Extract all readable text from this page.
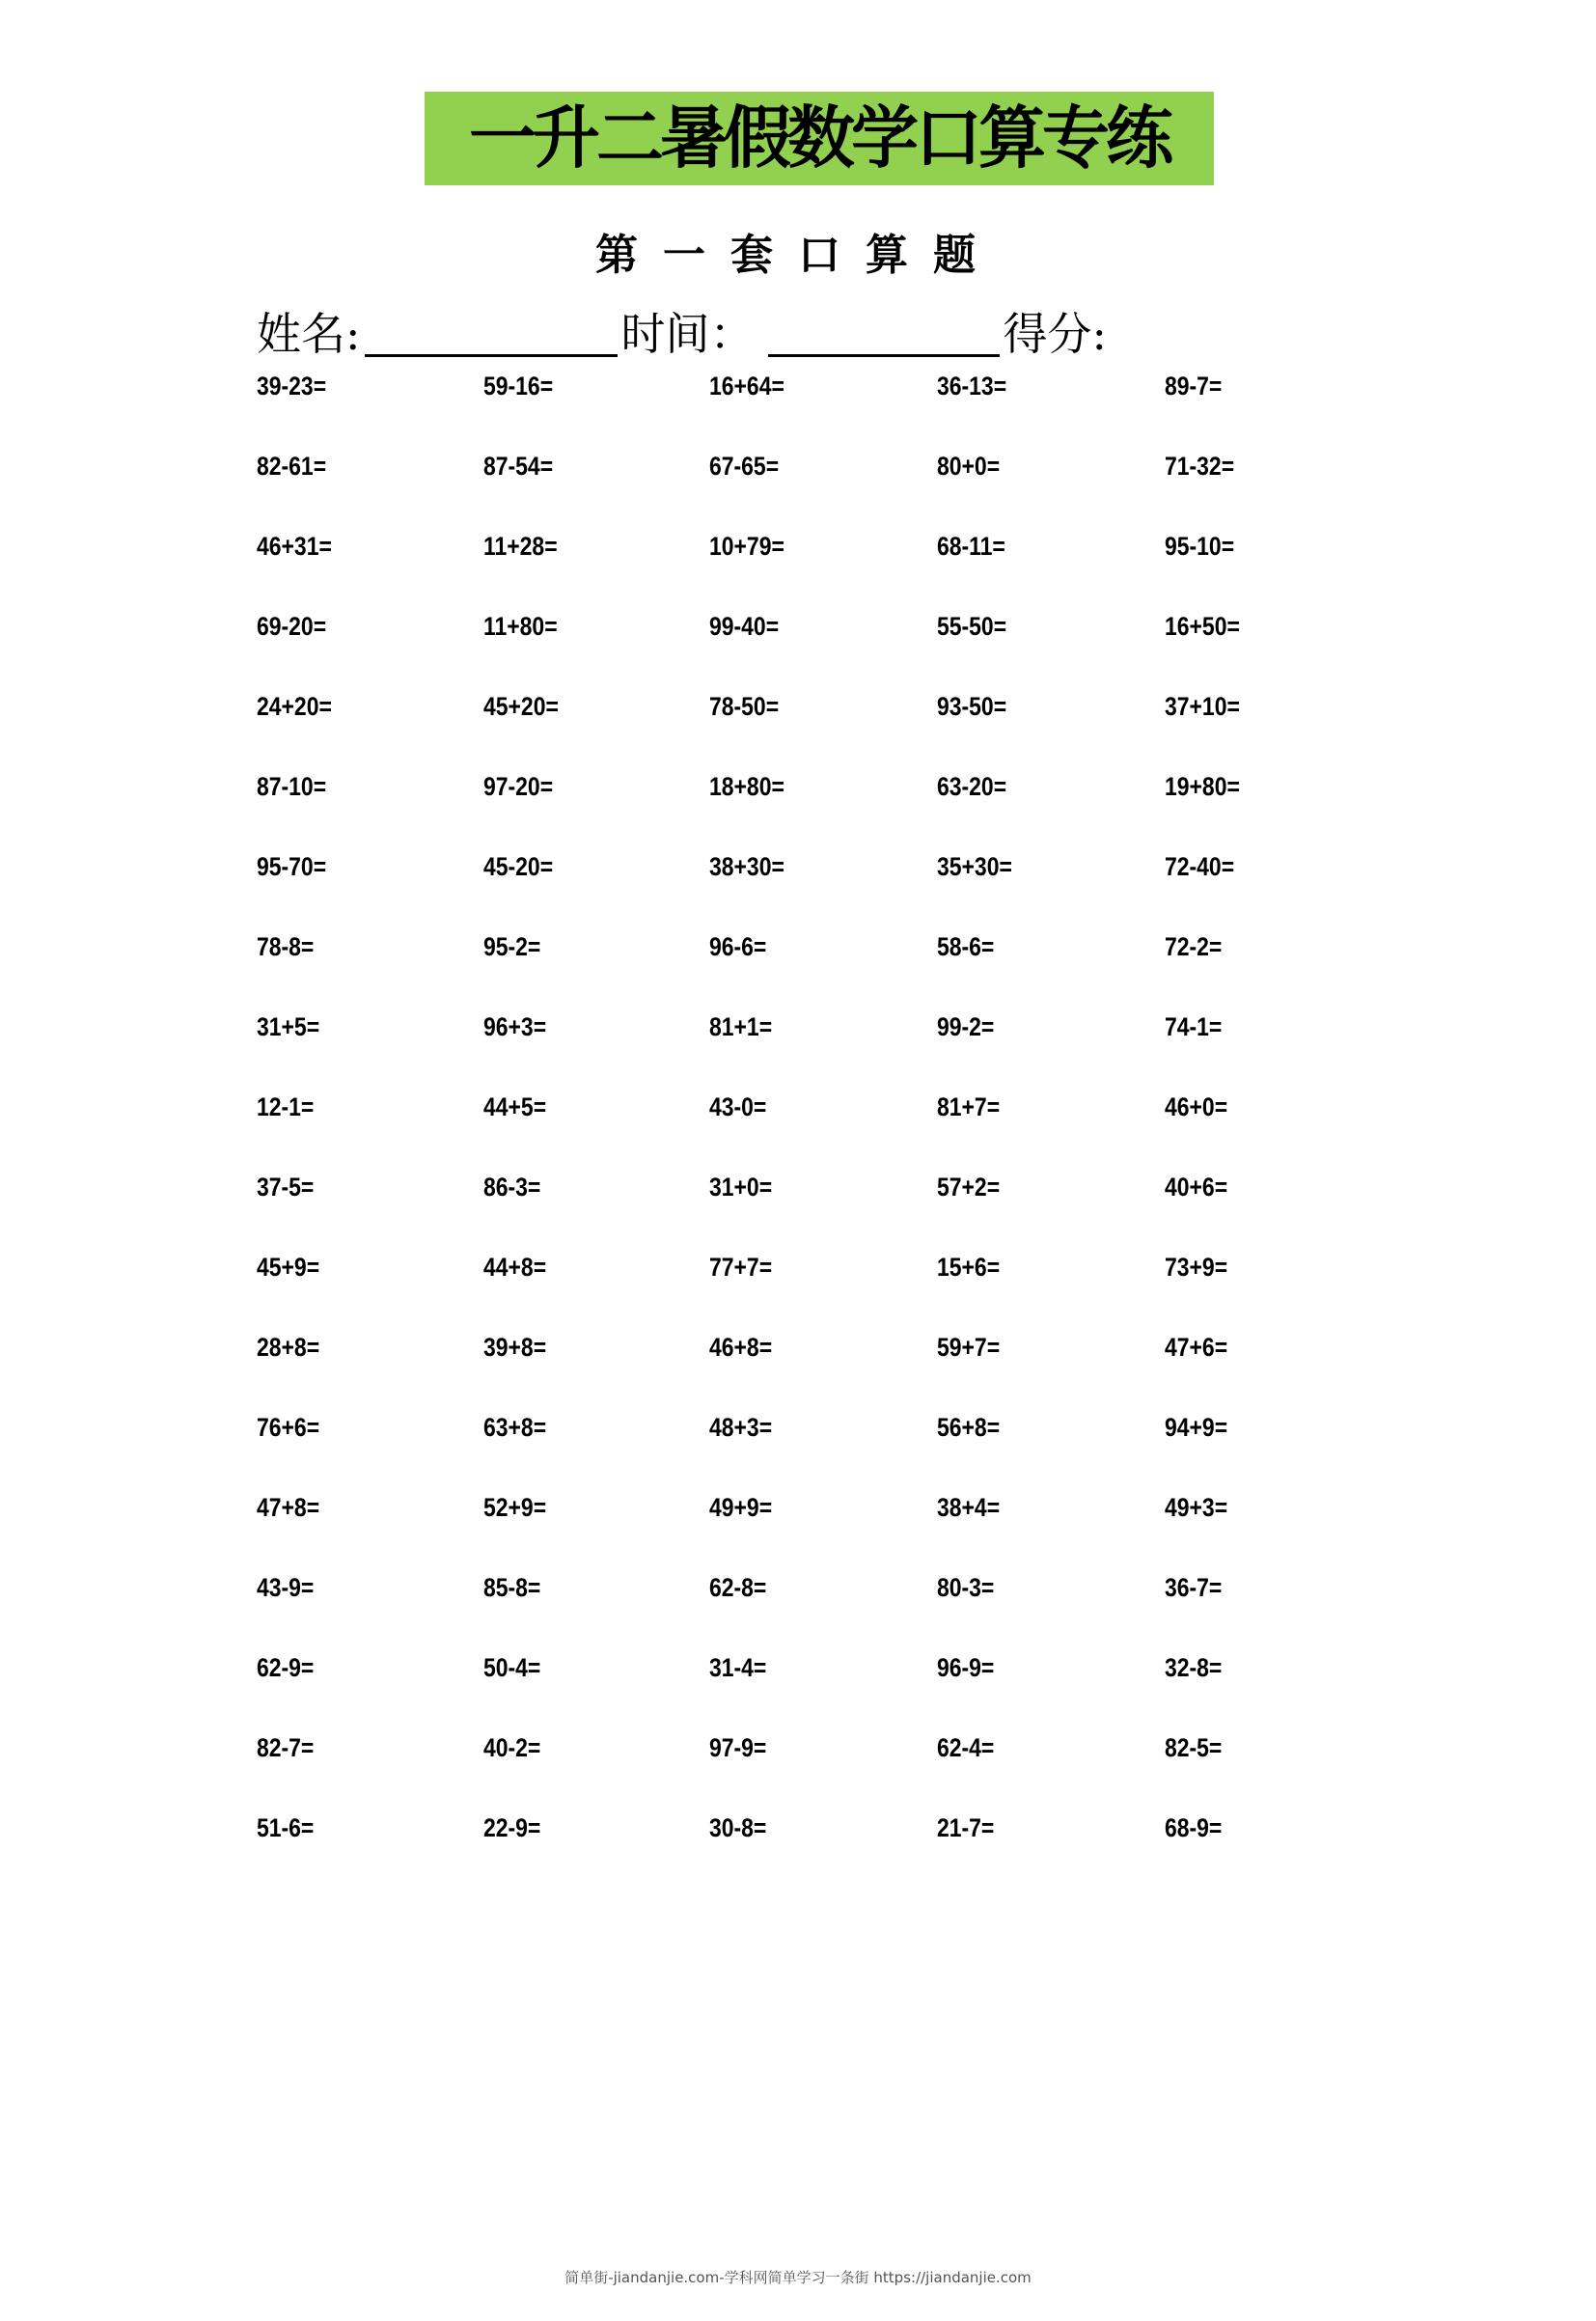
一升二暑假数学口算专练
第一套口算题
姓名:	时间：	得分:
39-23=	59-16=	16+64=	36-13=	89-7=
82-61=	87-54=	67-65=	80+0=	71-32=
46+31=	11+28=	10+79=	68-11=	95-10=
69-20=	11+80=	99-40=	55-50=	16+50=
24+20=	45+20=	78-50=	93-50=	37+10=
87-10=	97-20=	18+80=	63-20=	19+80=
95-70=	45-20=	38+30=	35+30=	72-40=
78-8=	95-2=	96-6=	58-6=	72-2=
31+5=	96+3=	81+1=	99-2=	74-1=
12-1=	44+5=	43-0=	81+7=	46+0=
37-5=	86-3=	31+0=	57+2=	40+6=
45+9=	44+8=	77+7=	15+6=	73+9=
28+8=	39+8=	46+8=	59+7=	47+6=
76+6=	63+8=	48+3=	56+8=	94+9=
47+8=	52+9=	49+9=	38+4=	49+3=
43-9=	85-8=	62-8=	80-3=	36-7=
62-9=	50-4=	31-4=	96-9=	32-8=
82-7=	40-2=	97-9=	62-4=	82-5=
51-6=	22-9=	30-8=	21-7=	68-9=
简单街-jiandanjie.com-学科网简单学习一条街 https://jiandanjie.com
